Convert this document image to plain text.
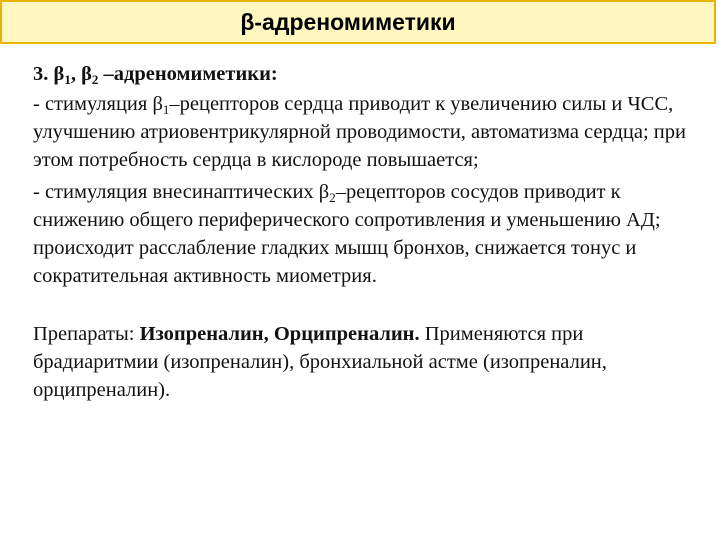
β-адреномиметики

3. $\beta_1$, $\beta_2$ –адреномиметики:

- стимуляция $\beta_1$–рецепторов сердца приводит к увеличению силы и ЧСС, улучшению атриовентрикулярной проводимости, автоматизма сердца; при этом потребность сердца в кислороде повышается;

- стимуляция внесинаптических $\beta_2$–рецепторов сосудов приводит к снижению общего периферического сопротивления и уменьшению АД; происходит расслабление гладких мышц бронхов, снижается тонус и сократительная активность миометрия.

Препараты: Изопреналин, Орципреналин. Применяются при брадиаритмии (изопреналин), бронхиальной астме (изопреналин, орципреналин).
